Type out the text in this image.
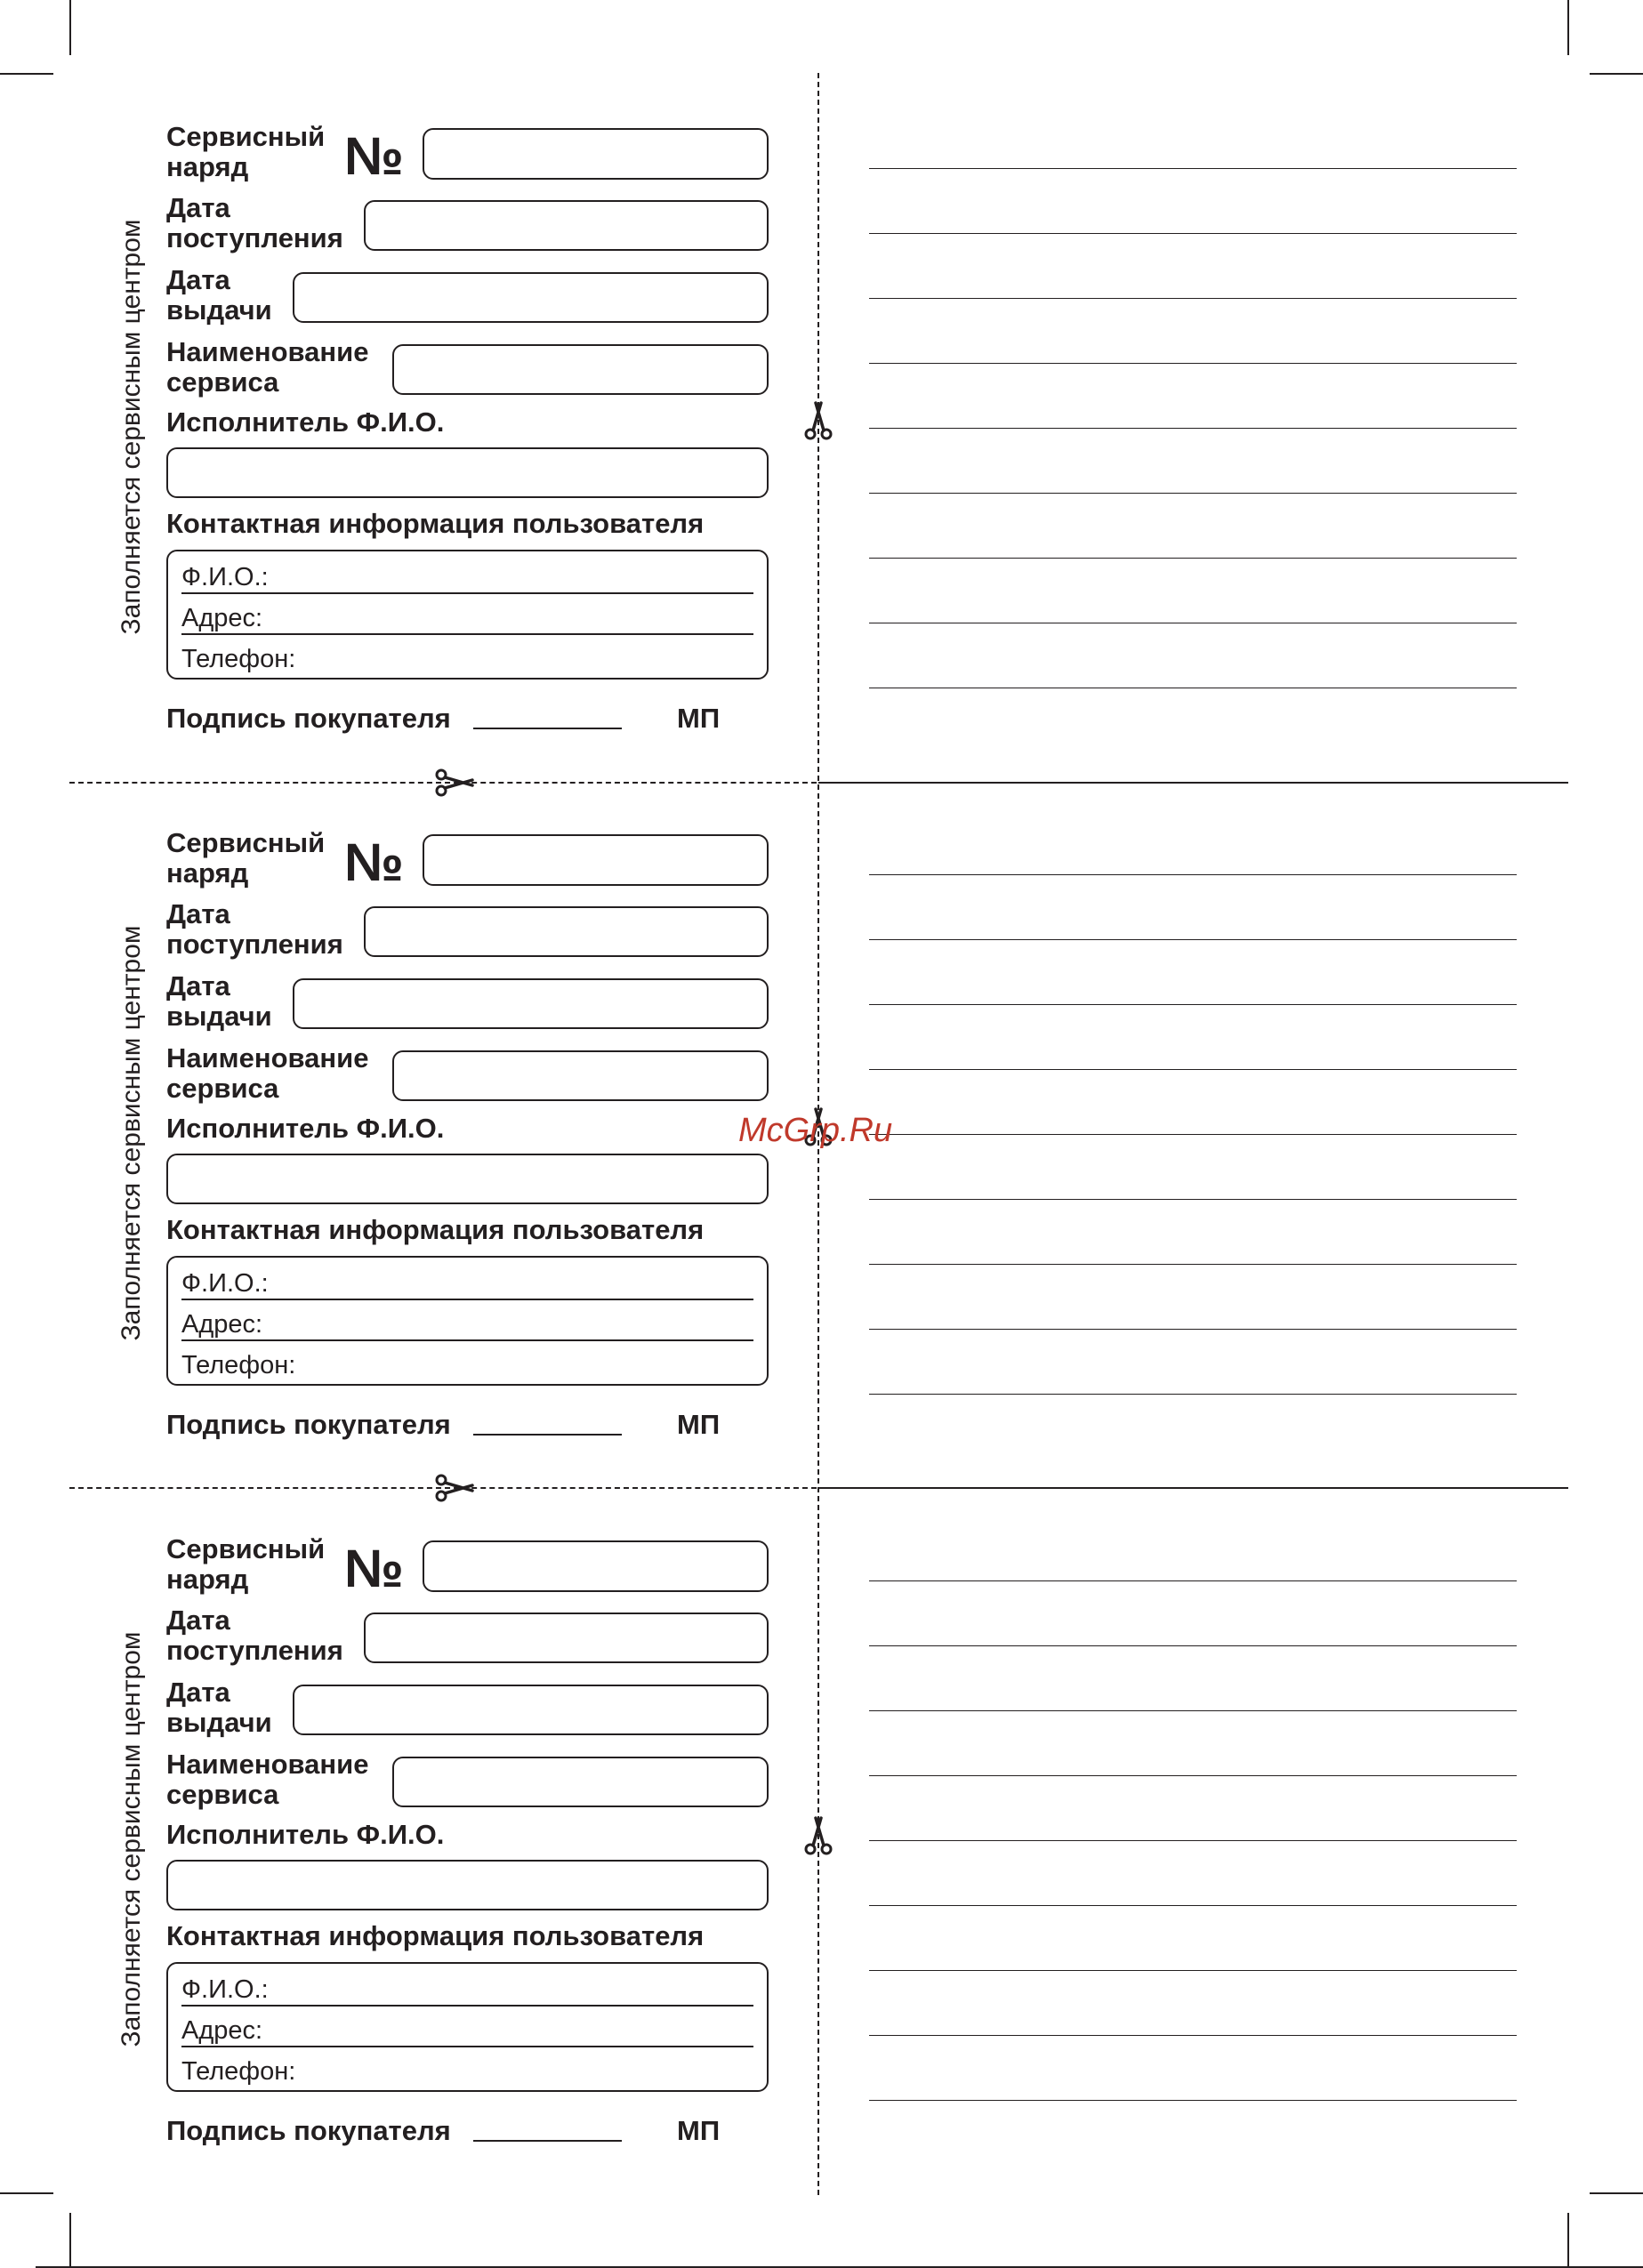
Заполняется сервисным центром
Сервисный
наряд №
Дата
поступления
Дата
выдачи
Наименование
сервиса
Исполнитель Ф.И.О.
Контактная информация пользователя
Ф.И.О.:
Адрес:
Телефон:
Подпись покупателя	МП
Заполняется сервисным центром
Сервисный
наряд №
Дата
поступления
Дата
выдачи
Наименование
сервиса
Исполнитель Ф.И.О.
Контактная информация пользователя
Ф.И.О.:
Адрес:
Телефон:
Подпись покупателя	МП
Заполняется сервисным центром
Сервисный
наряд №
Дата
поступления
Дата
выдачи
Наименование
сервиса
Исполнитель Ф.И.О.
Контактная информация пользователя
Ф.И.О.:
Адрес:
Телефон:
Подпись покупателя	МП
McGrp.Ru
